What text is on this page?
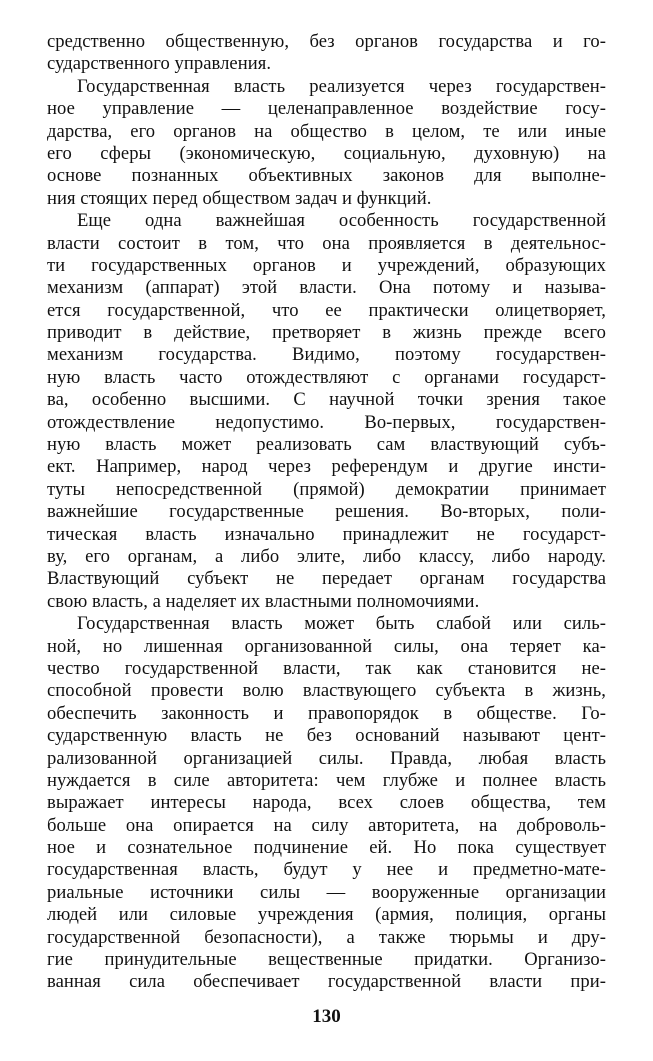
средственно общественную, без органов государства и го-
сударственного управления.
Государственная власть реализуется через государствен-
ное управление — целенаправленное воздействие госу-
дарства, его органов на общество в целом, те или иные
его сферы (экономическую, социальную, духовную) на
основе познанных объективных законов для выполне-
ния стоящих перед обществом задач и функций.
Еще одна важнейшая особенность государственной
власти состоит в том, что она проявляется в деятельнос-
ти государственных органов и учреждений, образующих
механизм (аппарат) этой власти. Она потому и называ-
ется государственной, что ее практически олицетворяет,
приводит в действие, претворяет в жизнь прежде всего
механизм государства. Видимо, поэтому государствен-
ную власть часто отождествляют с органами государст-
ва, особенно высшими. С научной точки зрения такое
отождествление недопустимо. Во-первых, государствен-
ную власть может реализовать сам властвующий субъ-
ект. Например, народ через референдум и другие инсти-
туты непосредственной (прямой) демократии принимает
важнейшие государственные решения. Во-вторых, поли-
тическая власть изначально принадлежит не государст-
ву, его органам, а либо элите, либо классу, либо народу.
Властвующий субъект не передает органам государства
свою власть, а наделяет их властными полномочиями.
Государственная власть может быть слабой или силь-
ной, но лишенная организованной силы, она теряет ка-
чество государственной власти, так как становится не-
способной провести волю властвующего субъекта в жизнь,
обеспечить законность и правопорядок в обществе. Го-
сударственную власть не без оснований называют цент-
рализованной организацией силы. Правда, любая власть
нуждается в силе авторитета: чем глубже и полнее власть
выражает интересы народа, всех слоев общества, тем
больше она опирается на силу авторитета, на доброволь-
ное и сознательное подчинение ей. Но пока существует
государственная власть, будут у нее и предметно-мате-
риальные источники силы — вооруженные организации
людей или силовые учреждения (армия, полиция, органы
государственной безопасности), а также тюрьмы и дру-
гие принудительные вещественные придатки. Организо-
ванная сила обеспечивает государственной власти при-
130
